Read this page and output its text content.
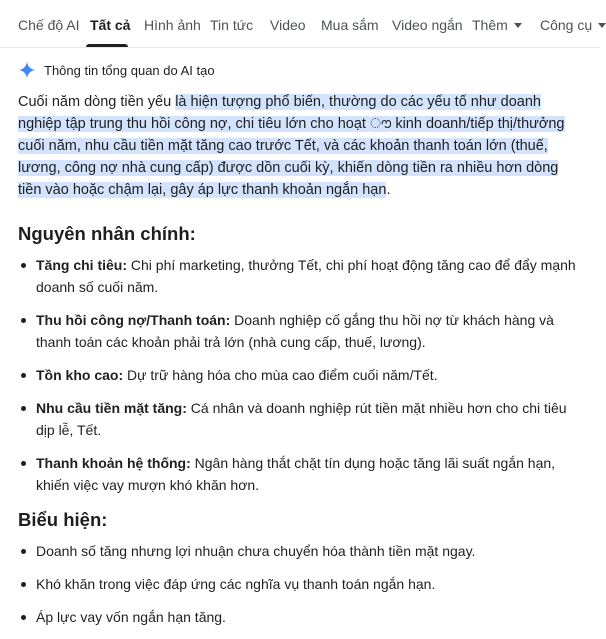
Chế độ AI Tất cả Hình ảnh Tin tức Video Mua sắm Video ngắn Thêm	Công cụ
Thông tin tổng quan do AI tạo

Cuối năm dòng tiền yếu là hiện tượng phổ biến, thường do các yếu tố như doanh nghiệp tập trung thu hồi công nợ, chi tiêu lớn cho hoạt ൗ kinh doanh/tiếp thị/thưởng cuối năm, nhu cầu tiền mặt tăng cao trước Tết, và các khoản thanh toán lớn (thuế, lương, công nợ nhà cung cấp) được dồn cuối kỳ, khiến dòng tiền ra nhiều hơn dòng tiền vào hoặc chậm lại, gây áp lực thanh khoản ngắn hạn.

Nguyên nhân chính:
Tăng chi tiêu: Chi phí marketing, thưởng Tết, chi phí hoạt động tăng cao để đẩy mạnh doanh số cuối năm.
Thu hồi công nợ/Thanh toán: Doanh nghiệp cố gắng thu hồi nợ từ khách hàng và thanh toán các khoản phải trả lớn (nhà cung cấp, thuế, lương).
Tồn kho cao: Dự trữ hàng hóa cho mùa cao điểm cuối năm/Tết.
Nhu cầu tiền mặt tăng: Cá nhân và doanh nghiệp rút tiền mặt nhiều hơn cho chi tiêu dịp lễ, Tết.
Thanh khoản hệ thống: Ngân hàng thắt chặt tín dụng hoặc tăng lãi suất ngắn hạn, khiến việc vay mượn khó khăn hơn.
Biểu hiện:
Doanh số tăng nhưng lợi nhuận chưa chuyển hóa thành tiền mặt ngay.
Khó khăn trong việc đáp ứng các nghĩa vụ thanh toán ngắn hạn.
Áp lực vay vốn ngắn hạn tăng.
